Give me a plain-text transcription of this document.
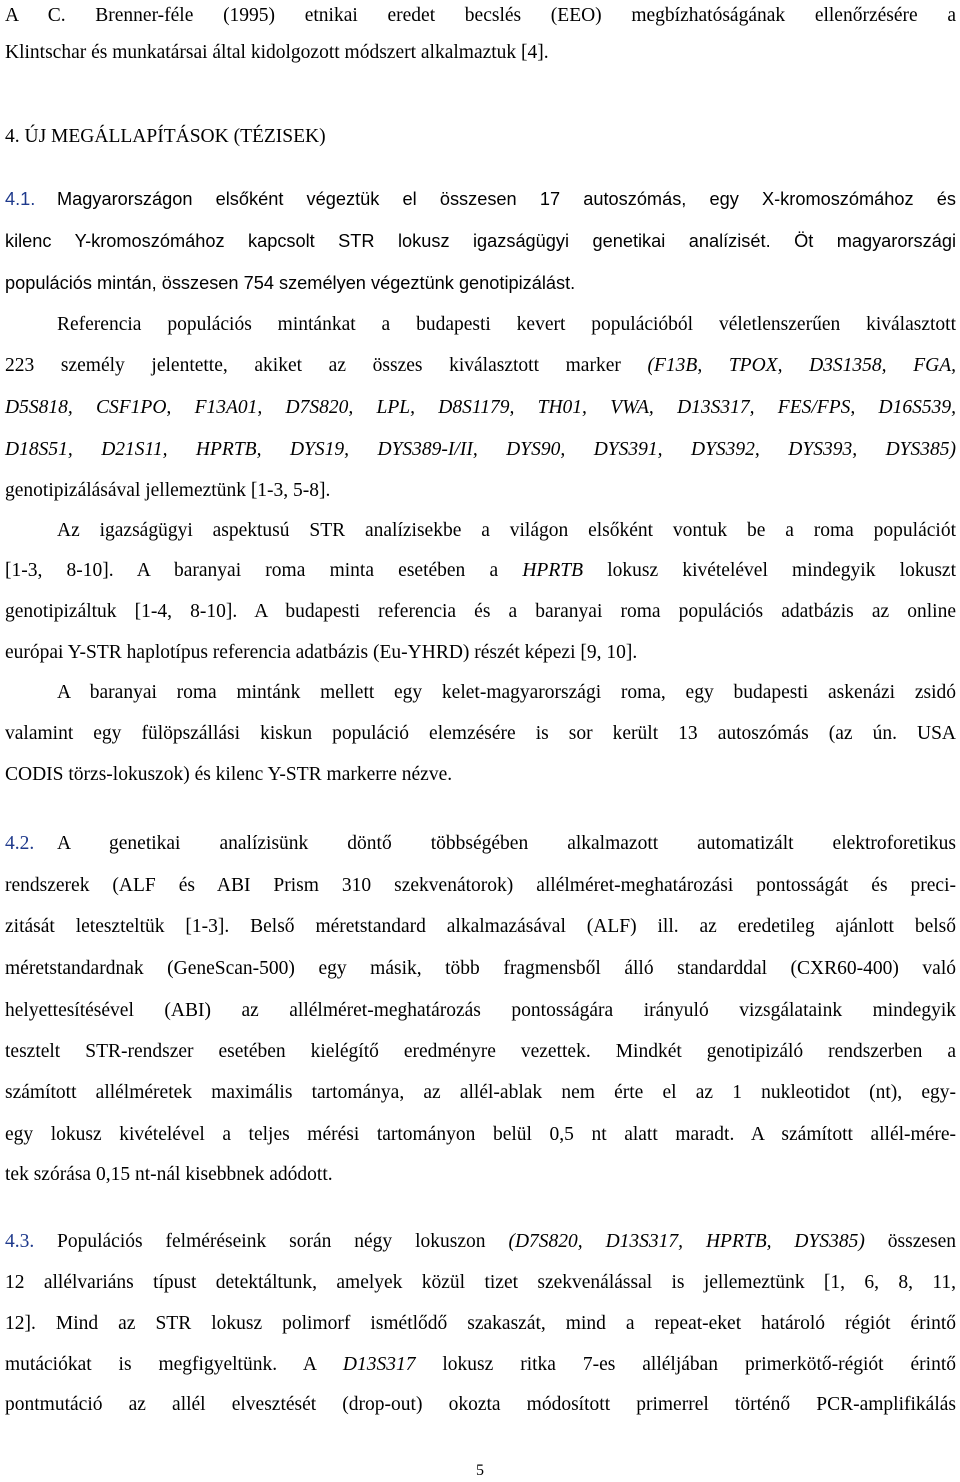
A C. Brenner-féle (1995) etnikai eredet becslés (EEO) megbízhatóságának ellenőrzésére a
Klintschar és munkatársai által kidolgozott módszert alkalmaztuk [4].
4. ÚJ MEGÁLLAPÍTÁSOK (TÉZISEK)
4.1. Magyarországon elsőként végeztük el összesen 17 autoszómás, egy X-kromoszómához és
kilenc Y-kromoszómához kapcsolt STR lokusz igazságügyi genetikai analízisét. Öt magyarországi
populációs mintán, összesen 754 személyen végeztünk genotipizálást.
Referencia populációs mintánkat a budapesti kevert populációból véletlenszerűen kiválasztott
223 személy jelentette, akiket az összes kiválasztott marker (F13B, TPOX, D3S1358, FGA,
D5S818, CSF1PO, F13A01, D7S820, LPL, D8S1179, TH01, VWA, D13S317, FES/FPS, D16S539,
D18S51, D21S11, HPRTB, DYS19, DYS389-I/II, DYS90, DYS391, DYS392, DYS393, DYS385)
genotipizálásával jellemeztünk [1-3, 5-8].
Az igazságügyi aspektusú STR analízisekbe a világon elsőként vontuk be a roma populációt
[1-3, 8-10]. A baranyai roma minta esetében a HPRTB lokusz kivételével mindegyik lokuszt
genotipizáltuk [1-4, 8-10]. A budapesti referencia és a baranyai roma populációs adatbázis az online
európai Y-STR haplotípus referencia adatbázis (Eu-YHRD) részét képezi [9, 10].
A baranyai roma mintánk mellett egy kelet-magyarországi roma, egy budapesti askenázi zsidó
valamint egy fülöpszállási kiskun populáció elemzésére is sor került 13 autoszómás (az ún. USA
CODIS törzs-lokuszok) és kilenc Y-STR markerre nézve.
4.2. A genetikai analízisünk döntő többségében alkalmazott automatizált elektroforetikus
rendszerek (ALF és ABI Prism 310 szekvenátorok) allélméret-meghatározási pontosságát és preci-
zitását leteszteltük [1-3]. Belső méretstandard alkalmazásával (ALF) ill. az eredetileg ajánlott belső
méretstandardnak (GeneScan-500) egy másik, több fragmensből álló standarddal (CXR60-400) való
helyettesítésével (ABI) az allélméret-meghatározás pontosságára irányuló vizsgálataink mindegyik
tesztelt STR-rendszer esetében kielégítő eredményre vezettek. Mindkét genotipizáló rendszerben a
számított allélméretek maximális tartománya, az allél-ablak nem érte el az 1 nukleotidot (nt), egy-
egy lokusz kivételével a teljes mérési tartományon belül 0,5 nt alatt maradt. A számított allél-mére-
tek szórása 0,15 nt-nál kisebbnek adódott.
4.3. Populációs felméréseink során négy lokuszon (D7S820, D13S317, HPRTB, DYS385) összesen
12 allélvariáns típust detektáltunk, amelyek közül tizet szekvenálással is jellemeztünk [1, 6, 8, 11,
12]. Mind az STR lokusz polimorf ismétlődő szakaszát, mind a repeat-eket határoló régiót érintő
mutációkat is megfigyeltünk. A D13S317 lokusz ritka 7-es alléljában primerkötő-régiót érintő
pontmutáció az allél elvesztését (drop-out) okozta módosított primerrel történő PCR-amplifikálás
5
